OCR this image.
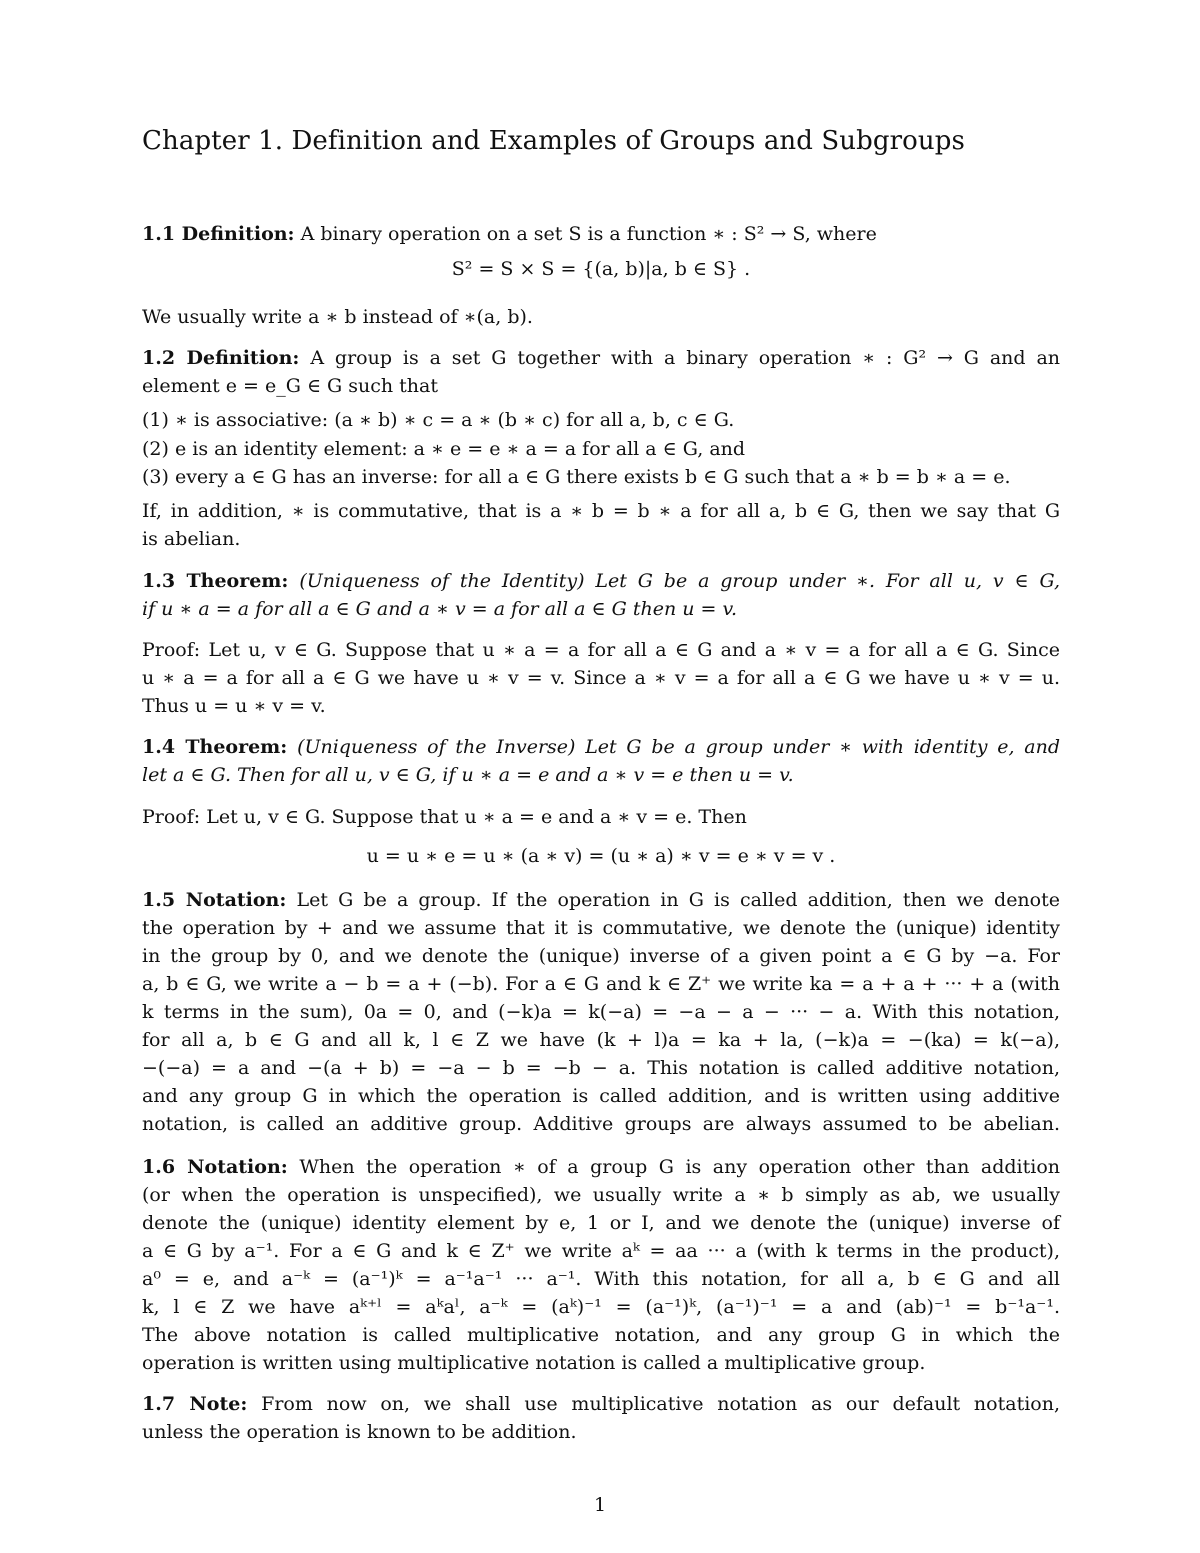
Chapter 1. Definition and Examples of Groups and Subgroups
1.1 Definition: A binary operation on a set S is a function ∗ : S² → S, where
S² = S × S = {(a, b)|a, b ∈ S} .
We usually write a ∗ b instead of ∗(a, b).
1.2 Definition: A group is a set G together with a binary operation ∗ : G² → G and an
element e = e_G ∈ G such that
(1) ∗ is associative: (a ∗ b) ∗ c = a ∗ (b ∗ c) for all a, b, c ∈ G.
(2) e is an identity element: a ∗ e = e ∗ a = a for all a ∈ G, and
(3) every a ∈ G has an inverse: for all a ∈ G there exists b ∈ G such that a ∗ b = b ∗ a = e.
If, in addition, ∗ is commutative, that is a ∗ b = b ∗ a for all a, b ∈ G, then we say that G
is abelian.
1.3 Theorem: (Uniqueness of the Identity) Let G be a group under ∗. For all u, v ∈ G,
if u ∗ a = a for all a ∈ G and a ∗ v = a for all a ∈ G then u = v.
Proof: Let u, v ∈ G. Suppose that u ∗ a = a for all a ∈ G and a ∗ v = a for all a ∈ G. Since
u ∗ a = a for all a ∈ G we have u ∗ v = v. Since a ∗ v = a for all a ∈ G we have u ∗ v = u.
Thus u = u ∗ v = v.
1.4 Theorem: (Uniqueness of the Inverse) Let G be a group under ∗ with identity e, and
let a ∈ G. Then for all u, v ∈ G, if u ∗ a = e and a ∗ v = e then u = v.
Proof: Let u, v ∈ G. Suppose that u ∗ a = e and a ∗ v = e. Then
u = u ∗ e = u ∗ (a ∗ v) = (u ∗ a) ∗ v = e ∗ v = v .
1.5 Notation: Let G be a group. If the operation in G is called addition, then we denote
the operation by + and we assume that it is commutative, we denote the (unique) identity
in the group by 0, and we denote the (unique) inverse of a given point a ∈ G by −a. For
a, b ∈ G, we write a − b = a + (−b). For a ∈ G and k ∈ Z⁺ we write ka = a + a + ··· + a (with
k terms in the sum), 0a = 0, and (−k)a = k(−a) = −a − a − ··· − a. With this notation,
for all a, b ∈ G and all k, l ∈ Z we have (k + l)a = ka + la, (−k)a = −(ka) = k(−a),
−(−a) = a and −(a + b) = −a − b = −b − a. This notation is called additive notation,
and any group G in which the operation is called addition, and is written using additive
notation, is called an additive group. Additive groups are always assumed to be abelian.
1.6 Notation: When the operation ∗ of a group G is any operation other than addition
(or when the operation is unspecified), we usually write a ∗ b simply as ab, we usually
denote the (unique) identity element by e, 1 or I, and we denote the (unique) inverse of
a ∈ G by a⁻¹. For a ∈ G and k ∈ Z⁺ we write aᵏ = aa ··· a (with k terms in the product),
a⁰ = e, and a⁻ᵏ = (a⁻¹)ᵏ = a⁻¹a⁻¹ ··· a⁻¹. With this notation, for all a, b ∈ G and all
k, l ∈ Z we have aᵏ⁺ˡ = aᵏaˡ, a⁻ᵏ = (aᵏ)⁻¹ = (a⁻¹)ᵏ, (a⁻¹)⁻¹ = a and (ab)⁻¹ = b⁻¹a⁻¹.
The above notation is called multiplicative notation, and any group G in which the
operation is written using multiplicative notation is called a multiplicative group.
1.7 Note: From now on, we shall use multiplicative notation as our default notation,
unless the operation is known to be addition.
1
